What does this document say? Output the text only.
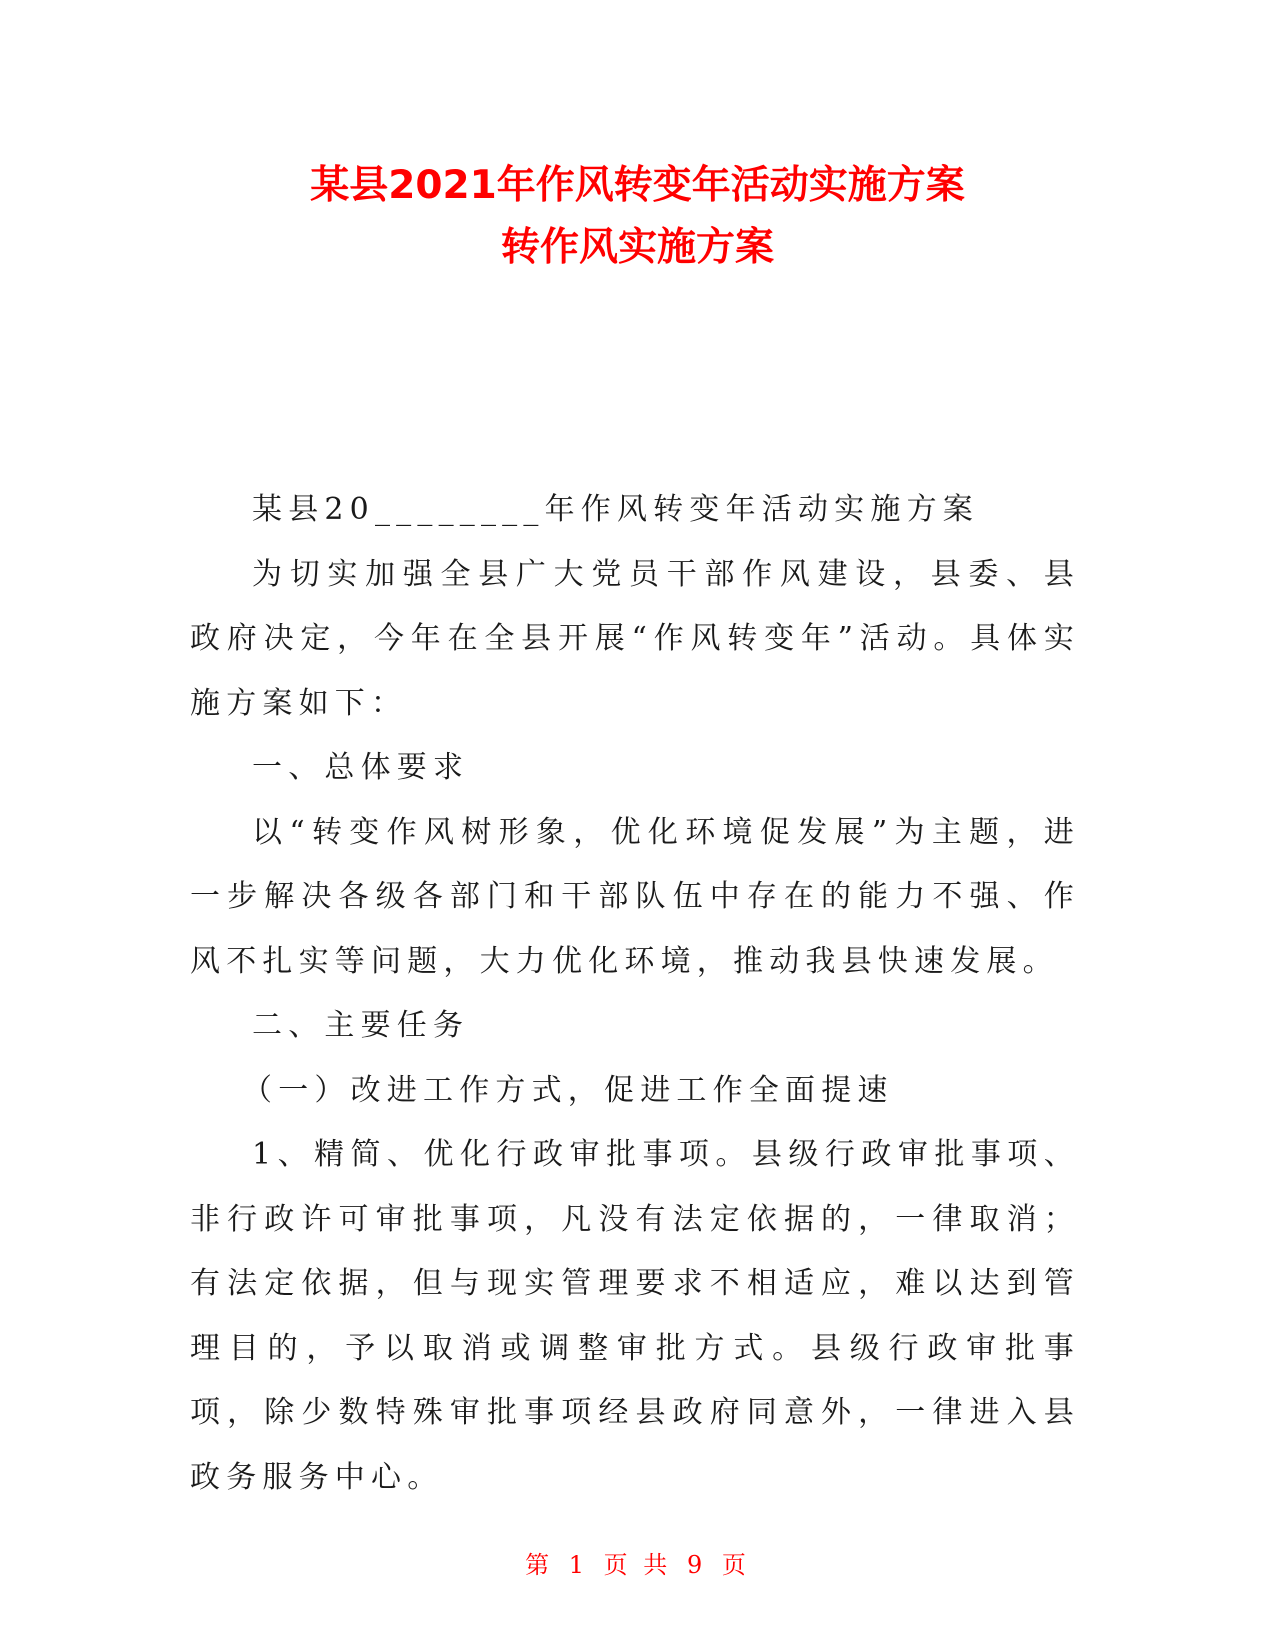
某县2021年作风转变年活动实施方案
转作风实施方案

某县20________年作风转变年活动实施方案

为切实加强全县广大党员干部作风建设，县委、县政府决定，今年在全县开展“作风转变年”活动。具体实施方案如下：

一、总体要求

以“转变作风树形象，优化环境促发展”为主题，进一步解决各级各部门和干部队伍中存在的能力不强、作风不扎实等问题，大力优化环境，推动我县快速发展。

二、主要任务

（一）改进工作方式，促进工作全面提速

1、精简、优化行政审批事项。县级行政审批事项、非行政许可审批事项，凡没有法定依据的，一律取消；有法定依据，但与现实管理要求不相适应，难以达到管理目的，予以取消或调整审批方式。县级行政审批事项，除少数特殊审批事项经县政府同意外，一律进入县政务服务中心。

第 1 页 共 9 页
